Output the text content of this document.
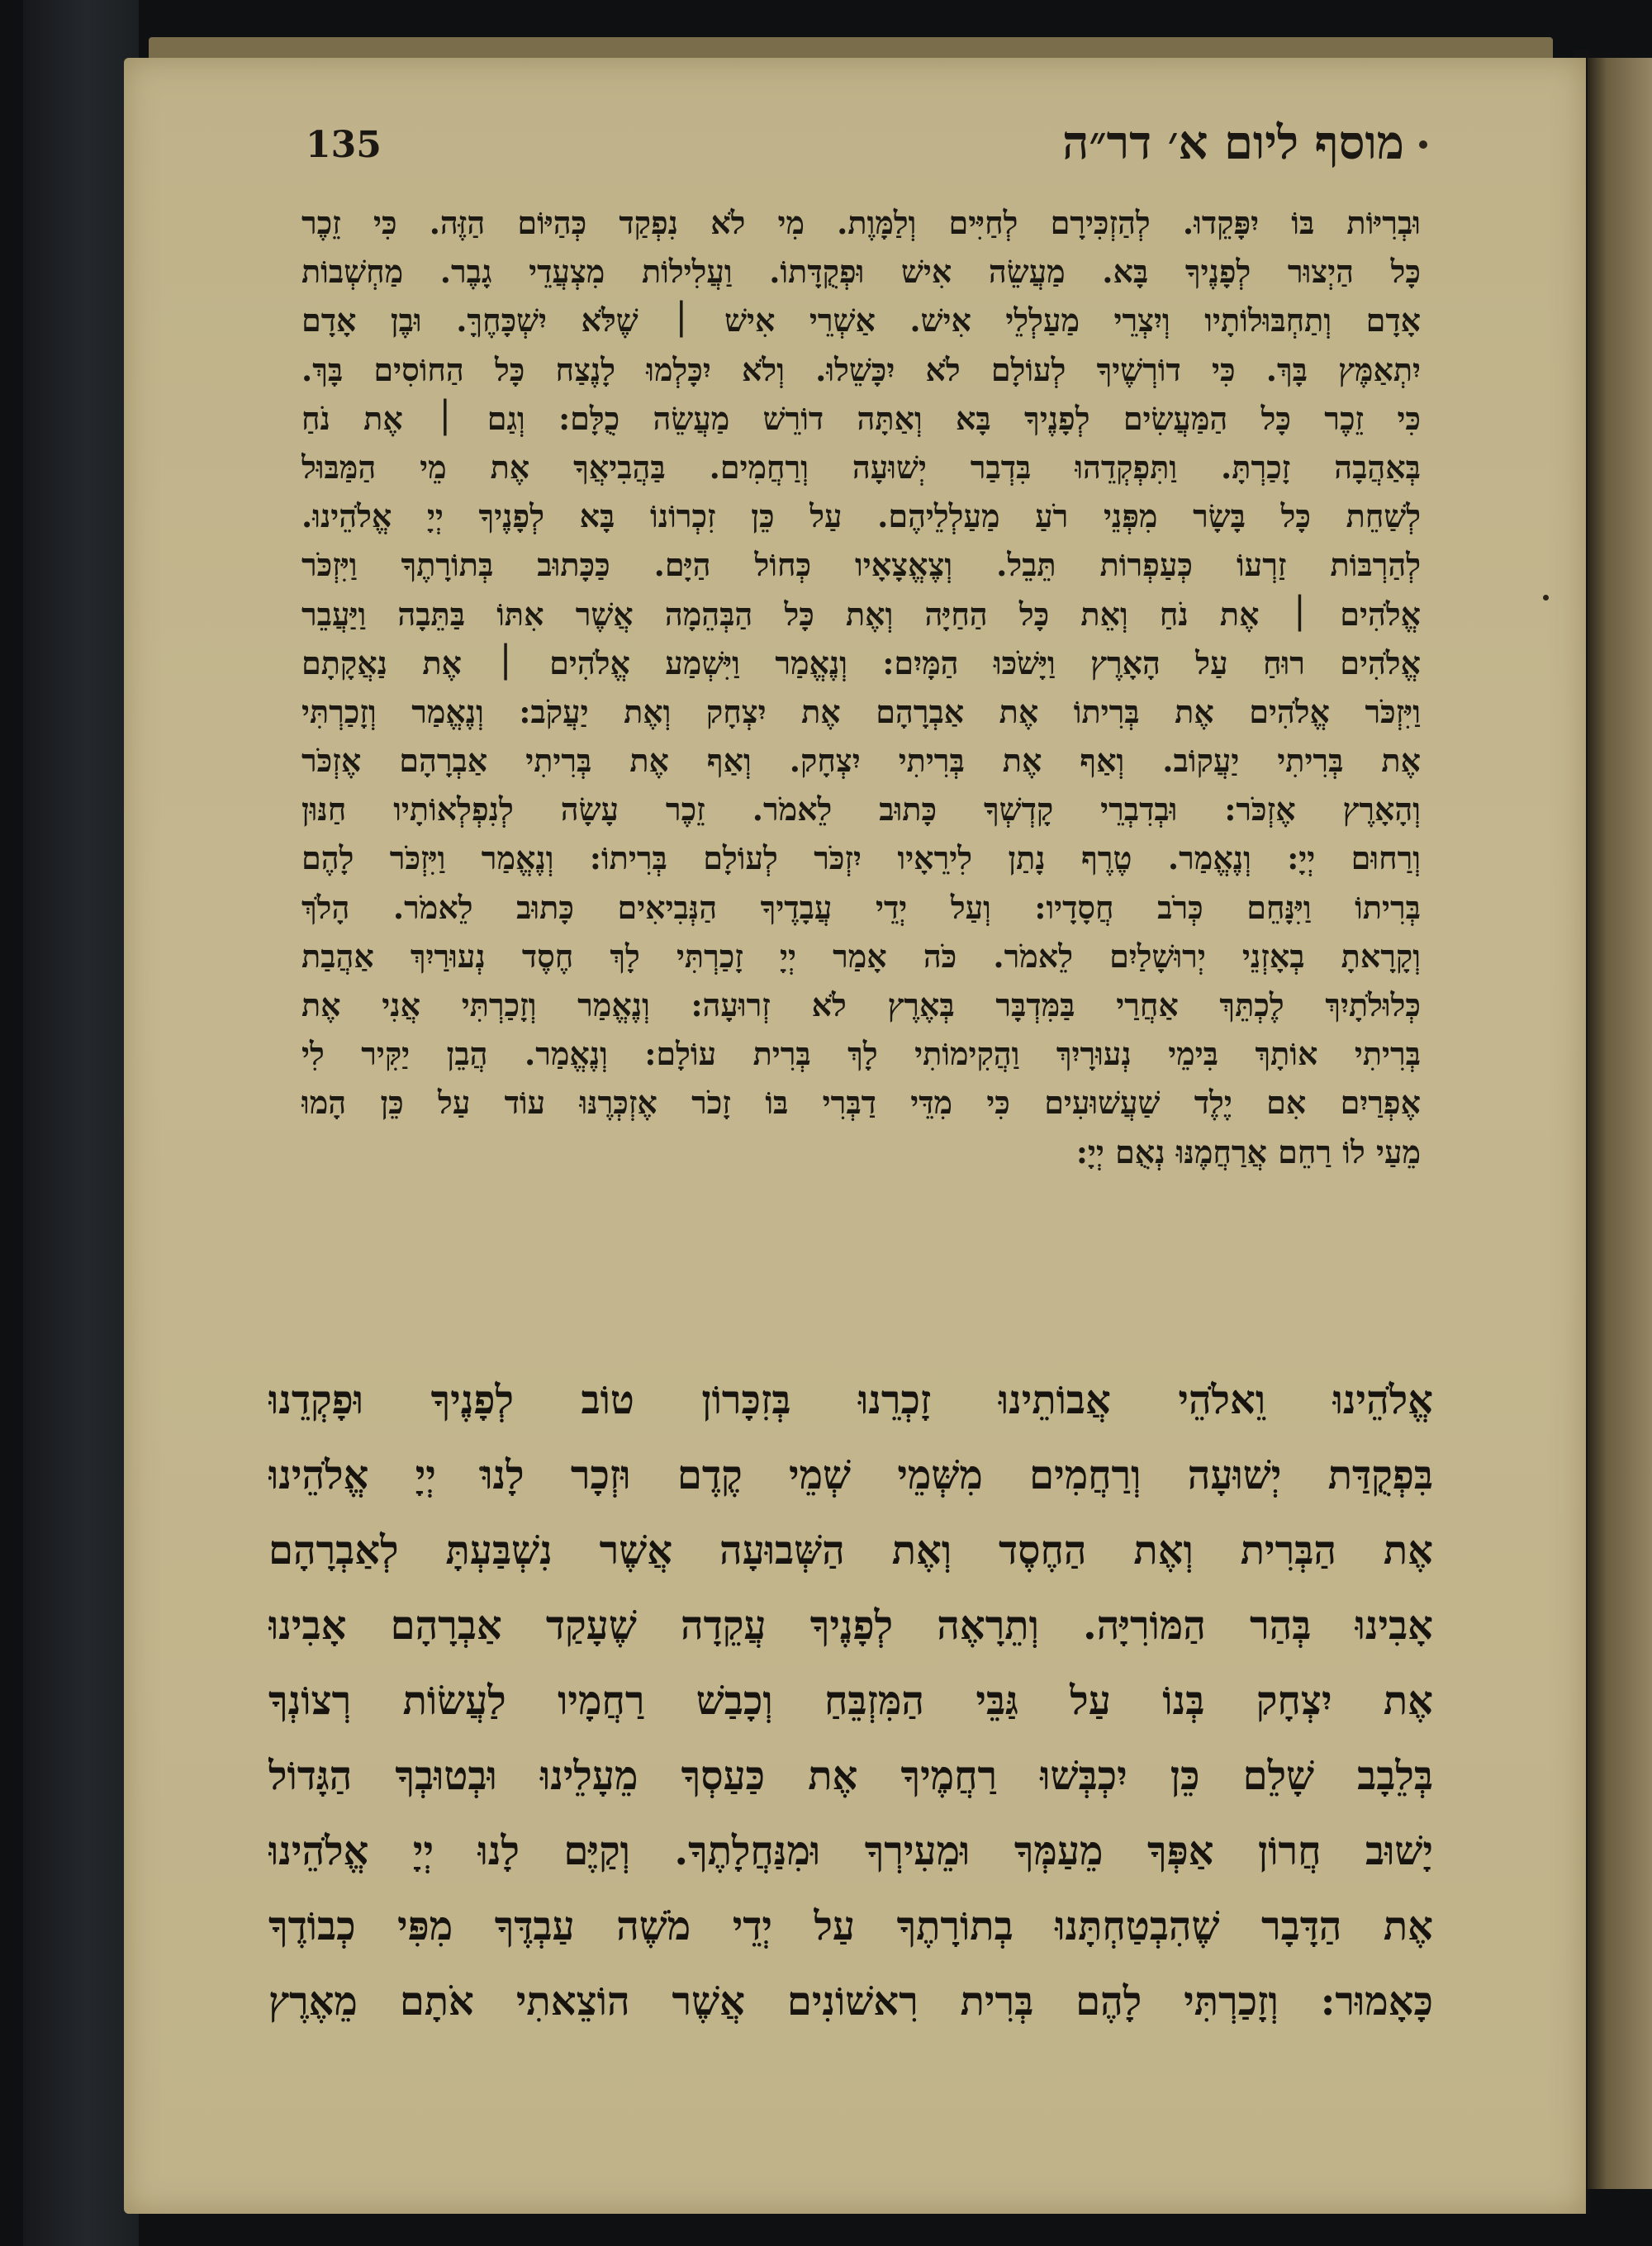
135	מוסף ליום א׳ דר״ה
וּבְרִיּוֹת בּוֹ יִפָּקֵדוּ. לְהַזְכִּירָם לְחַיִּים וְלַמָּוֶת. מִי לֹא נִפְקַד כְּהַיּוֹם הַזֶּה. כִּי זֵכֶר
כָּל הַיְצוּר לְפָנֶיךָ בָּא. מַעֲשֵׂה אִישׁ וּפְקֻדָּתוֹ. וַעֲלִילוֹת מִצְעֲדֵי גָבֶר. מַחְשְׁבוֹת
אָדָם וְתַחְבּוּלוֹתָיו וְיִצְרֵי מַעַלְלֵי אִישׁ. אַשְׁרֵי אִישׁ ׀ שֶׁלֹּא יִשְׁכָּחֶךָּ. וּבֶן אָדָם
יִתְאַמֶּץ בָּךְ. כִּי דוֹרְשֶׁיךָ לְעוֹלָם לֹא יִכָּשֵׁלוּ. וְלֹא יִכָּלְמוּ לָנֶצַח כָּל הַחוֹסִים בָּךְ.
כִּי זֵכֶר כָּל הַמַּעֲשִׂים לְפָנֶיךָ בָּא וְאַתָּה דוֹרֵשׁ מַעֲשֵׂה כֻלָּם: וְגַם ׀ אֶת נֹחַ
בְּאַהֲבָה זָכַרְתָּ. וַתִּפְקְדֵהוּ בִּדְבַר יְשׁוּעָה וְרַחֲמִים. בַּהֲבִיאֲךָ אֶת מֵי הַמַּבּוּל
לְשַׁחֵת כָּל בָּשָׂר מִפְּנֵי רֹעַ מַעַלְלֵיהֶם. עַל כֵּן זִכְרוֹנוֹ בָּא לְפָנֶיךָ יְיָ אֱלֹהֵינוּ.
לְהַרְבּוֹת זַרְעוֹ כְּעַפְרוֹת תֵּבֵל. וְצֶאֱצָאָיו כְּחוֹל הַיָּם. כַּכָּתוּב בְּתוֹרָתֶךָ וַיִּזְכֹּר
אֱלֹהִים ׀ אֶת נֹחַ וְאֵת כָּל הַחַיָּה וְאֶת כָּל הַבְּהֵמָה אֲשֶׁר אִתּוֹ בַּתֵּבָה וַיַּעֲבֵר
אֱלֹהִים רוּחַ עַל הָאָרֶץ וַיָּשֹׁכּוּ הַמָּיִם: וְנֶאֱמַר וַיִּשְׁמַע אֱלֹהִים ׀ אֶת נַאֲקָתָם
וַיִּזְכֹּר אֱלֹהִים אֶת בְּרִיתוֹ אֶת אַבְרָהָם אֶת יִצְחָק וְאֶת יַעֲקֹב: וְנֶאֱמַר וְזָכַרְתִּי
אֶת בְּרִיתִי יַעֲקוֹב. וְאַף אֶת בְּרִיתִי יִצְחָק. וְאַף אֶת בְּרִיתִי אַבְרָהָם אֶזְכֹּר
וְהָאָרֶץ אֶזְכֹּר: וּבְדִבְרֵי קָדְשְׁךָ כָּתוּב לֵאמֹר. זֵכֶר עָשָׂה לְנִפְלְאוֹתָיו חַנּוּן
וְרַחוּם יְיָ: וְנֶאֱמַר. טֶרֶף נָתַן לִירֵאָיו יִזְכֹּר לְעוֹלָם בְּרִיתוֹ: וְנֶאֱמַר וַיִּזְכֹּר לָהֶם
בְּרִיתוֹ וַיִּנָּחֵם כְּרֹב חֲסָדָיו: וְעַל יְדֵי עֲבָדֶיךָ הַנְּבִיאִים כָּתוּב לֵאמֹר. הָלֹךְ
וְקָרָאתָ בְאָזְנֵי יְרוּשָׁלַיִם לֵאמֹר. כֹּה אָמַר יְיָ זָכַרְתִּי לָךְ חֶסֶד נְעוּרַיִךְ אַהֲבַת
כְּלוּלֹתָיִךְ לֶכְתֵּךְ אַחֲרַי בַּמִּדְבָּר בְּאֶרֶץ לֹא זְרוּעָה: וְנֶאֱמַר וְזָכַרְתִּי אֲנִי אֶת
בְּרִיתִי אוֹתָךְ בִּימֵי נְעוּרָיִךְ וַהֲקִימוֹתִי לָךְ בְּרִית עוֹלָם: וְנֶאֱמַר. הֲבֵן יַקִּיר לִי
אֶפְרַיִם אִם יֶלֶד שַׁעֲשׁוּעִים כִּי מִדֵּי דַבְּרִי בּוֹ זָכֹר אֶזְכְּרֶנּוּ עוֹד עַל כֵּן הָמוּ
מֵעַי לוֹ רַחֵם אֲרַחֲמֶנּוּ נְאֻם יְיָ:
אֱלֹהֵינוּ וֵאלֹהֵי אֲבוֹתֵינוּ זָכְרֵנוּ בְּזִכָּרוֹן טוֹב לְפָנֶיךָ וּפָקְדֵנוּ
בִּפְקֻדַּת יְשׁוּעָה וְרַחֲמִים מִשְּׁמֵי שְׁמֵי קֶדֶם וּזְכָר לָנוּ יְיָ אֱלֹהֵינוּ
אֶת הַבְּרִית וְאֶת הַחֶסֶד וְאֶת הַשְּׁבוּעָה אֲשֶׁר נִשְׁבַּעְתָּ לְאַבְרָהָם
אָבִינוּ בְּהַר הַמּוֹרִיָּה. וְתֵרָאֶה לְפָנֶיךָ עֲקֵדָה שֶׁעָקַד אַבְרָהָם אָבִינוּ
אֶת יִצְחָק בְּנוֹ עַל גַּבֵּי הַמִּזְבֵּחַ וְכָבַשׁ רַחֲמָיו לַעֲשׂוֹת רְצוֹנְךָ
בְּלֵבָב שָׁלֵם כֵּן יִכְבְּשׁוּ רַחֲמֶיךָ אֶת כַּעַסְךָ מֵעָלֵינוּ וּבְטוּבְךָ הַגָּדוֹל
יָשׁוּב חֲרוֹן אַפְּךָ מֵעַמְּךָ וּמֵעִירְךָ וּמִנַּחֲלָתֶךָ. וְקַיֶּם לָנוּ יְיָ אֱלֹהֵינוּ
אֶת הַדָּבָר שֶׁהִבְטַחְתָּנוּ בְתוֹרָתֶךָ עַל יְדֵי מֹשֶׁה עַבְדֶּךָ מִפִּי כְבוֹדֶךָ
כָּאָמוּר: וְזָכַרְתִּי לָהֶם בְּרִית רִאשׁוֹנִים אֲשֶׁר הוֹצֵאתִי אֹתָם מֵאֶרֶץ
